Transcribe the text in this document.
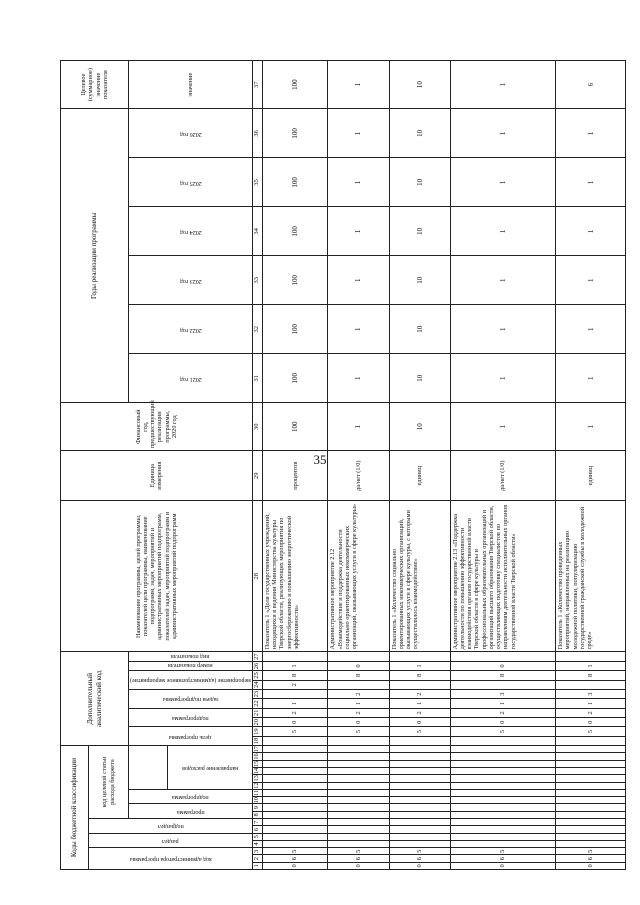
35
Коды бюджетной классификации																	Дополнительный аналитический код										Наименование программы, целей программы, показателей цели программы, наименование подпрограмм, задач, мероприятий и административных мероприятий подпрограмм, показателей задач, мероприятий подпрограмм и административных мероприятий подпрограмм	Единица измерения	Финансовый год, предшествующий реализации программы, 2020 год	Годы реализации программы						Целевое (суммарное) значение показателя

код администратора программы			раздел		подраздел		код целевой статьи расхода бюджета																													

							программа		подпрограмма								цель программы		подпрограмма		задача подпрограммы		мероприятие (административное мероприятие)		номер показателя	вид показателя				2021 год	2022 год	2023 год	2024 год	2025 год	2026 год	значение

											направление расходов																									

1	2	3	4	5	6	7	8	9	10	11	12	13	14	15	16	17	18	19	20	21	22	23	24	25	26	27	28	29	30	31	32	33	34	35	36	37
0	6	5																5	0	2	1		2	8	1		Показатель 1 «Доля государственных учреждений, находящихся в ведении Министерства культуры Тверской области, реализующих мероприятия по энергосбережению и повышению энергетической эффективности»	процентов	100	100	100	100	100	100	100	100
0	6	5																5	0	2	1	2		8	0		Административное мероприятие 2.12 «Взаимодействие и поддержка деятельности социально ориентированных некоммерческих организаций, оказывающих услуги в сфере культуры»	да/нет (1/0)	1	1	1	1	1	1	1	1
0	6	5																5	0	2	1	2		8	1		Показатель 1 «Количество социально ориентированных некоммерческих организаций, оказывающих услуги в сфере культуры, с которыми осуществлялось взаимодействие»	единиц	10	10	10	10	10	10	10	10
0	6	5																5	0	2	1	3		8	0		Административное мероприятие 2.13 «Поддержка деятельности по повышению эффективности взаимодействия органов государственной власти Тверской области в сфере культуры и профессиональных образовательных организаций и организаций высшего образования Тверской области, осуществляющих подготовку специалистов по направлениям деятельности исполнительных органов государственной власти Тверской области»	да/нет (1/0)	1	1	1	1	1	1	1	1
0	6	5																5	0	2	1	3		8	1		Показатель 1 «Количество проведенных мероприятий, направленных на реализацию молодежной политики, популяризацию государственной гражданской службы в молодежной среде»	единиц	1	1	1	1	1	1	1	6
